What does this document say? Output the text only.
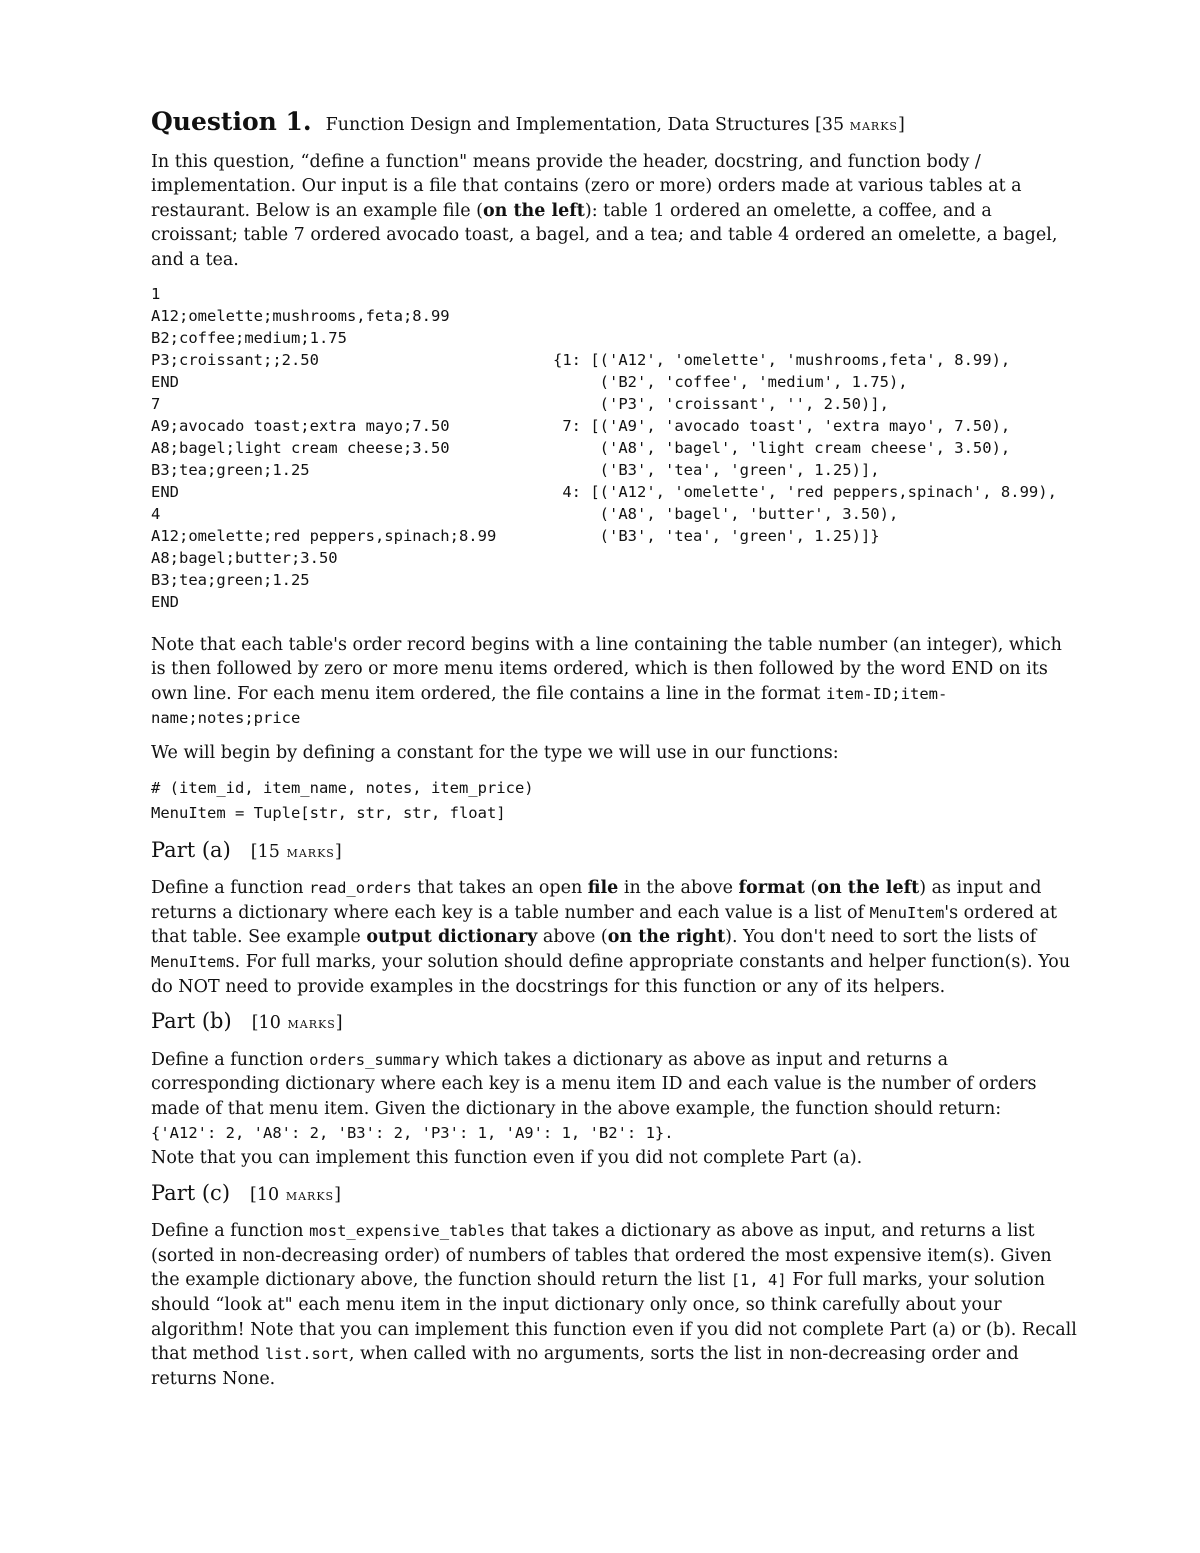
Question 1. Function Design and Implementation, Data Structures [35 marks]

In this question, “define a function" means provide the header, docstring, and function body / implementation. Our input is a file that contains (zero or more) orders made at various tables at a restaurant. Below is an example file (on the left): table 1 ordered an omelette, a coffee, and a croissant; table 7 ordered avocado toast, a bagel, and a tea; and table 4 ordered an omelette, a bagel, and a tea.

1
A12;omelette;mushrooms,feta;8.99
B2;coffee;medium;1.75
P3;croissant;;2.50
END
7
A9;avocado toast;extra mayo;7.50
A8;bagel;light cream cheese;3.50
B3;tea;green;1.25
END
4
A12;omelette;red peppers,spinach;8.99
A8;bagel;butter;3.50
B3;tea;green;1.25
END
{1: [('A12', 'omelette', 'mushrooms,feta', 8.99),
('B2', 'coffee', 'medium', 1.75),
('P3', 'croissant', '', 2.50)],
7: [('A9', 'avocado toast', 'extra mayo', 7.50),
('A8', 'bagel', 'light cream cheese', 3.50),
('B3', 'tea', 'green', 1.25)],
4: [('A12', 'omelette', 'red peppers,spinach', 8.99),
('A8', 'bagel', 'butter', 3.50),
('B3', 'tea', 'green', 1.25)]}

Note that each table's order record begins with a line containing the table number (an integer), which is then followed by zero or more menu items ordered, which is then followed by the word END on its own line. For each menu item ordered, the file contains a line in the format item-ID;item-name;notes;price

We will begin by defining a constant for the type we will use in our functions:

# (item_id, item_name, notes, item_price)
MenuItem = Tuple[str, str, str, float]
Part (a) [15 marks]

Define a function read_orders that takes an open file in the above format (on the left) as input and returns a dictionary where each key is a table number and each value is a list of MenuItem's ordered at that table. See example output dictionary above (on the right). You don't need to sort the lists of MenuItems. For full marks, your solution should define appropriate constants and helper function(s). You do NOT need to provide examples in the docstrings for this function or any of its helpers.

Part (b) [10 marks]

Define a function orders_summary which takes a dictionary as above as input and returns a corresponding dictionary where each key is a menu item ID and each value is the number of orders made of that menu item. Given the dictionary in the above example, the function should return:
{'A12': 2, 'A8': 2, 'B3': 2, 'P3': 1, 'A9': 1, 'B2': 1}.
Note that you can implement this function even if you did not complete Part (a).

Part (c) [10 marks]

Define a function most_expensive_tables that takes a dictionary as above as input, and returns a list (sorted in non-decreasing order) of numbers of tables that ordered the most expensive item(s). Given the example dictionary above, the function should return the list [1, 4] For full marks, your solution should “look at" each menu item in the input dictionary only once, so think carefully about your algorithm! Note that you can implement this function even if you did not complete Part (a) or (b). Recall that method list.sort, when called with no arguments, sorts the list in non-decreasing order and returns None.
